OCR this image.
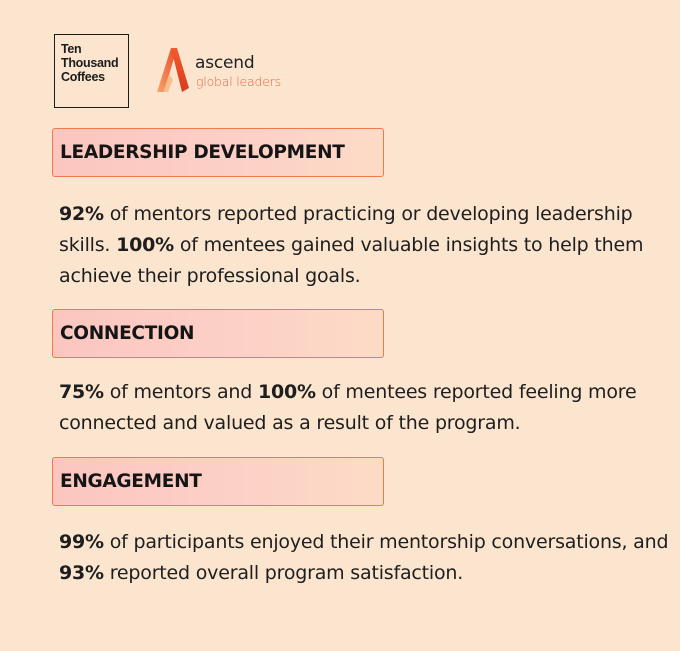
Ten
Thousand
Coffees
ascend
global leaders
LEADERSHIP DEVELOPMENT

92% of mentors reported practicing or developing leadership skills. 100% of mentees gained valuable insights to help them achieve their professional goals.

CONNECTION

75% of mentors and 100% of mentees reported feeling more connected and valued as a result of the program.

ENGAGEMENT

99% of participants enjoyed their mentorship conversations, and 93% reported overall program satisfaction.
